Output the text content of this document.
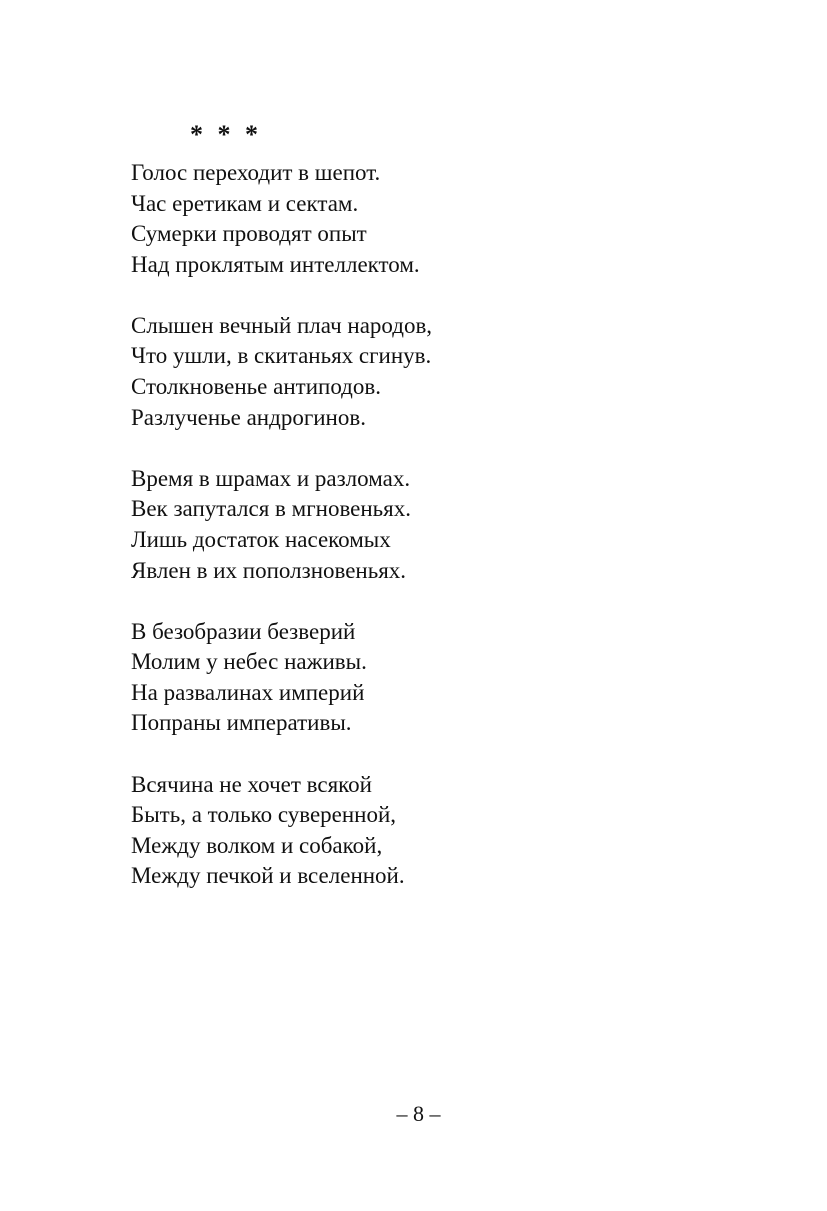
* * *
Голос переходит в шепот.
Час еретикам и сектам.
Сумерки проводят опыт
Над проклятым интеллектом.
Слышен вечный плач народов,
Что ушли, в скитаньях сгинув.
Столкновенье антиподов.
Разлученье андрогинов.
Время в шрамах и разломах.
Век запутался в мгновеньях.
Лишь достаток насекомых
Явлен в их поползновеньях.
В безобразии безверий
Молим у небес наживы.
На развалинах империй
Попраны императивы.
Всячина не хочет всякой
Быть, а только суверенной,
Между волком и собакой,
Между печкой и вселенной.
– 8 –
